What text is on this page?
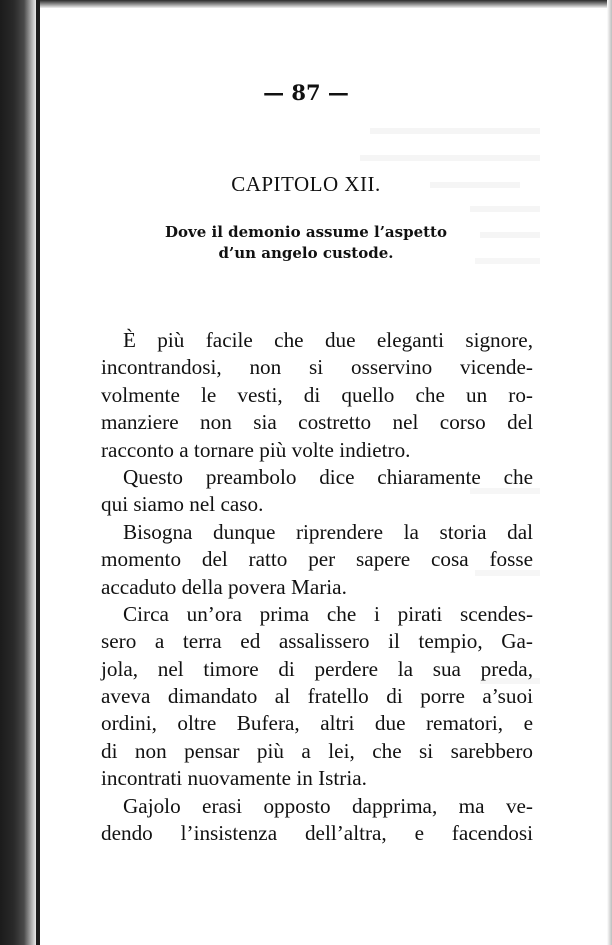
— 87 —
CAPITOLO XII.
Dove il demonio assume l’aspetto
d’un angelo custode.
È più facile che due eleganti signore,
incontrandosi, non si osservino vicende-
volmente le vesti, di quello che un ro-
manziere non sia costretto nel corso del
racconto a tornare più volte indietro.
Questo preambolo dice chiaramente che
qui siamo nel caso.
Bisogna dunque riprendere la storia dal
momento del ratto per sapere cosa fosse
accaduto della povera Maria.
Circa un’ora prima che i pirati scendes-
sero a terra ed assalissero il tempio, Ga-
jola, nel timore di perdere la sua preda,
aveva dimandato al fratello di porre a’suoi
ordini, oltre Bufera, altri due rematori, e
di non pensar più a lei, che si sarebbero
incontrati nuovamente in Istria.
Gajolo erasi opposto dapprima, ma ve-
dendo l’insistenza dell’altra, e facendosi
